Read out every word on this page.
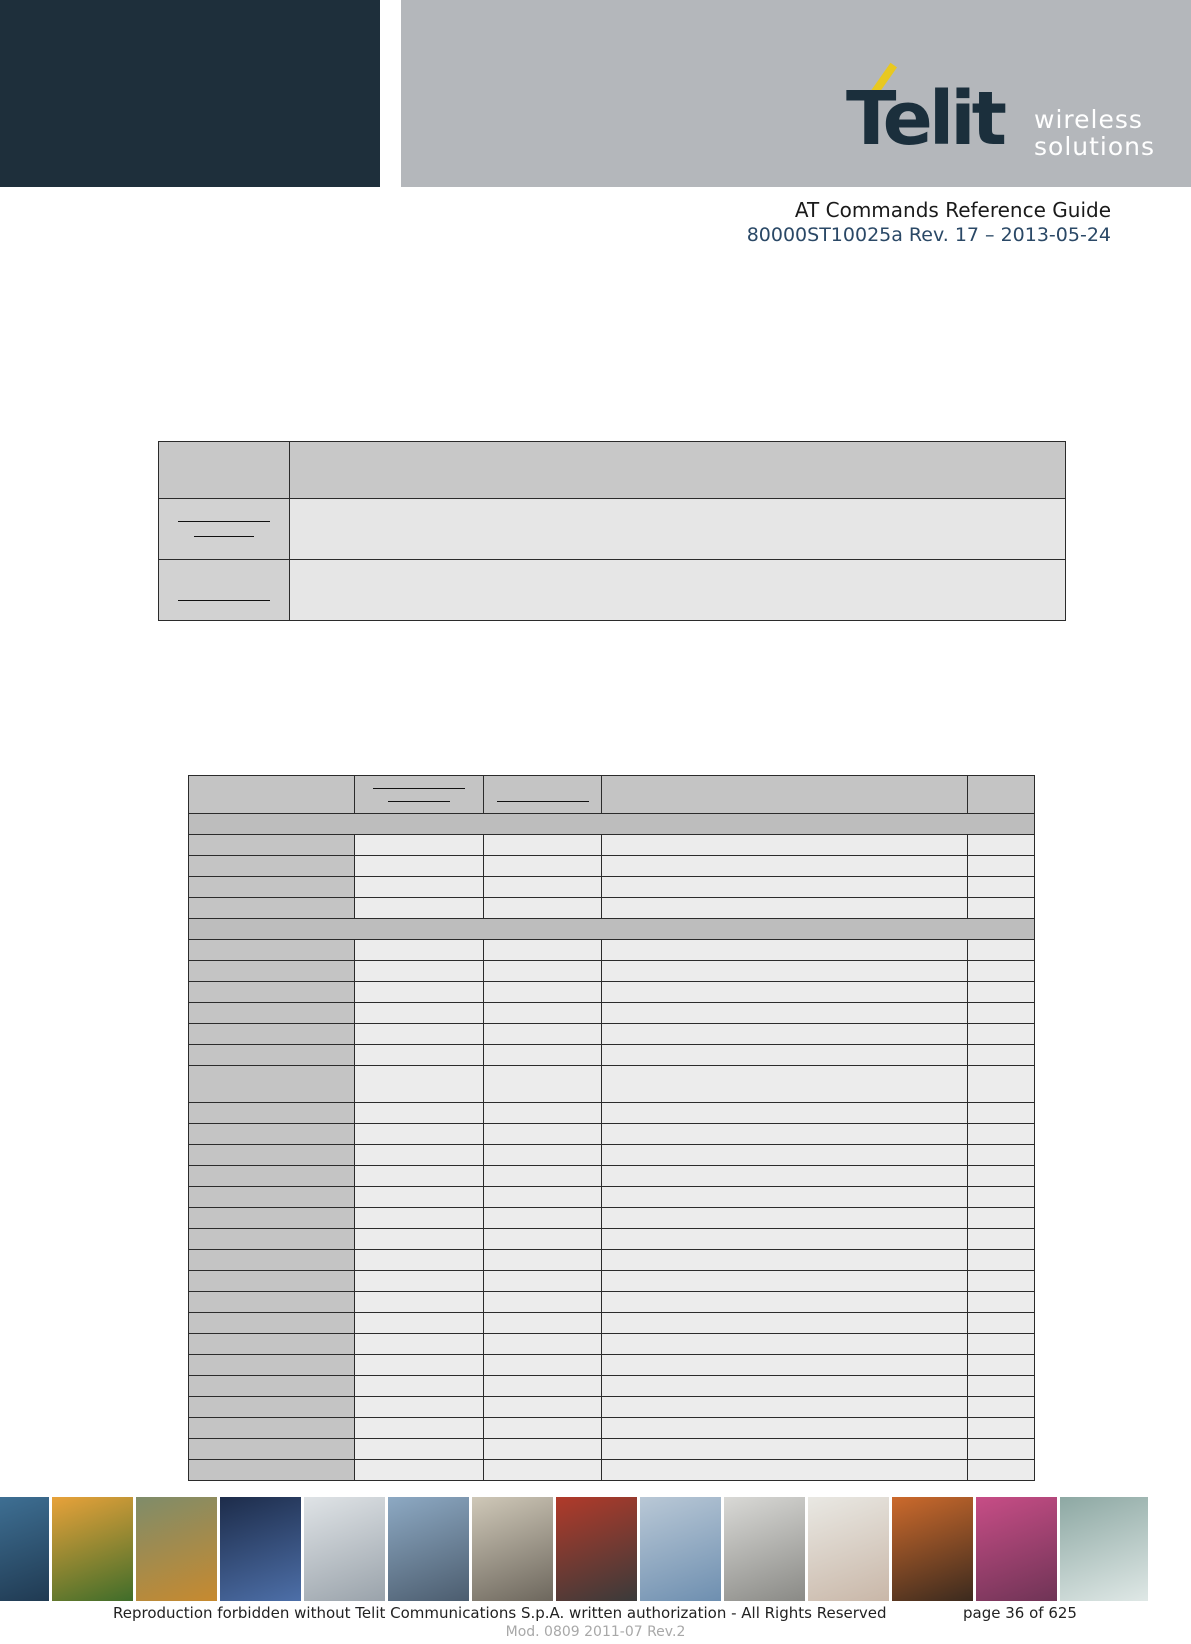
Telit wireless
solutions
AT Commands Reference Guide
80000ST10025a Rev. 17 – 2013-05-24

Reproduction forbidden without Telit Communications S.p.A. written authorization - All Rights Reserved	page 36 of 625
Mod. 0809 2011-07 Rev.2
